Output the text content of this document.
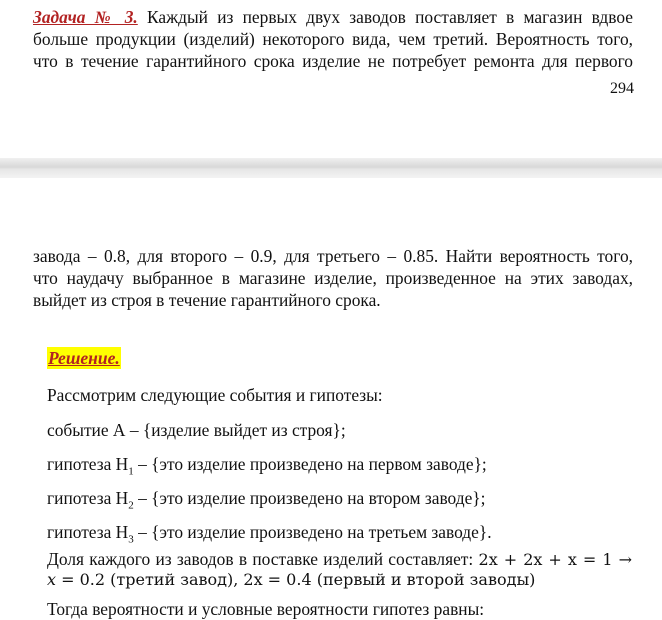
Задача № 3. Каждый из первых двух заводов поставляет в магазин вдвое
больше продукции (изделий) некоторого вида, чем третий. Вероятность того,
что в течение гарантийного срока изделие не потребует ремонта для первого
294
завода – 0.8, для второго – 0.9, для третьего – 0.85. Найти вероятность того,
что наудачу выбранное в магазине изделие, произведенное на этих заводах,
выйдет из строя в течение гарантийного срока.
Решение.
Рассмотрим следующие события и гипотезы:
событие А – {изделие выйдет из строя};
гипотеза $Н_1 - \{это$ изделие произведено на первом заводе};
гипотеза $Н_2 - \{это$ изделие произведено на втором заводе};
гипотеза $Н_3 - \{это$ изделие произведено на третьем заводе}.
Доля каждого из заводов в поставке изделий составляет: 2x + 2x + x = 1 →
x = 0.2 (третий завод), 2x = 0.4 (первый и второй заводы)
Тогда вероятности и условные вероятности гипотез равны:
